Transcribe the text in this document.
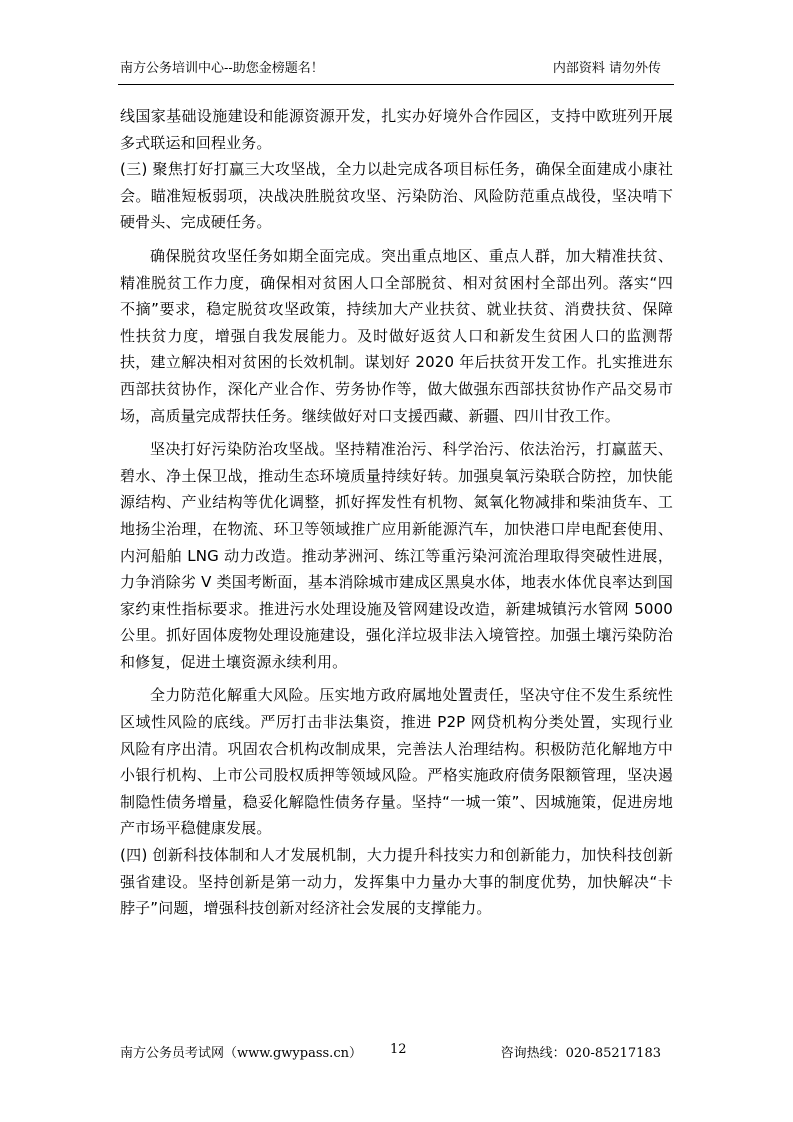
南方公务培训中心--助您金榜题名！	内部资料 请勿外传

线国家基础设施建设和能源资源开发，扎实办好境外合作园区，支持中欧班列开展多式联运和回程业务。

(三) 聚焦打好打赢三大攻坚战，全力以赴完成各项目标任务，确保全面建成小康社会。瞄准短板弱项，决战决胜脱贫攻坚、污染防治、风险防范重点战役，坚决啃下硬骨头、完成硬任务。

确保脱贫攻坚任务如期全面完成。突出重点地区、重点人群，加大精准扶贫、精准脱贫工作力度，确保相对贫困人口全部脱贫、相对贫困村全部出列。落实“四不摘”要求，稳定脱贫攻坚政策，持续加大产业扶贫、就业扶贫、消费扶贫、保障性扶贫力度，增强自我发展能力。及时做好返贫人口和新发生贫困人口的监测帮扶，建立解决相对贫困的长效机制。谋划好 2020 年后扶贫开发工作。扎实推进东西部扶贫协作，深化产业合作、劳务协作等，做大做强东西部扶贫协作产品交易市场，高质量完成帮扶任务。继续做好对口支援西藏、新疆、四川甘孜工作。

坚决打好污染防治攻坚战。坚持精准治污、科学治污、依法治污，打赢蓝天、碧水、净土保卫战，推动生态环境质量持续好转。加强臭氧污染联合防控，加快能源结构、产业结构等优化调整，抓好挥发性有机物、氮氧化物减排和柴油货车、工地扬尘治理，在物流、环卫等领域推广应用新能源汽车，加快港口岸电配套使用、内河船舶 LNG 动力改造。推动茅洲河、练江等重污染河流治理取得突破性进展，力争消除劣 V 类国考断面，基本消除城市建成区黑臭水体，地表水体优良率达到国家约束性指标要求。推进污水处理设施及管网建设改造，新建城镇污水管网 5000 公里。抓好固体废物处理设施建设，强化洋垃圾非法入境管控。加强土壤污染防治和修复，促进土壤资源永续利用。

全力防范化解重大风险。压实地方政府属地处置责任，坚决守住不发生系统性区域性风险的底线。严厉打击非法集资，推进 P2P 网贷机构分类处置，实现行业风险有序出清。巩固农合机构改制成果，完善法人治理结构。积极防范化解地方中小银行机构、上市公司股权质押等领域风险。严格实施政府债务限额管理，坚决遏制隐性债务增量，稳妥化解隐性债务存量。坚持“一城一策”、因城施策，促进房地产市场平稳健康发展。

(四) 创新科技体制和人才发展机制，大力提升科技实力和创新能力，加快科技创新强省建设。坚持创新是第一动力，发挥集中力量办大事的制度优势，加快解决“卡脖子”问题，增强科技创新对经济社会发展的支撑能力。

南方公务员考试网（www.gwypass.cn） 12	咨询热线：020-85217183
